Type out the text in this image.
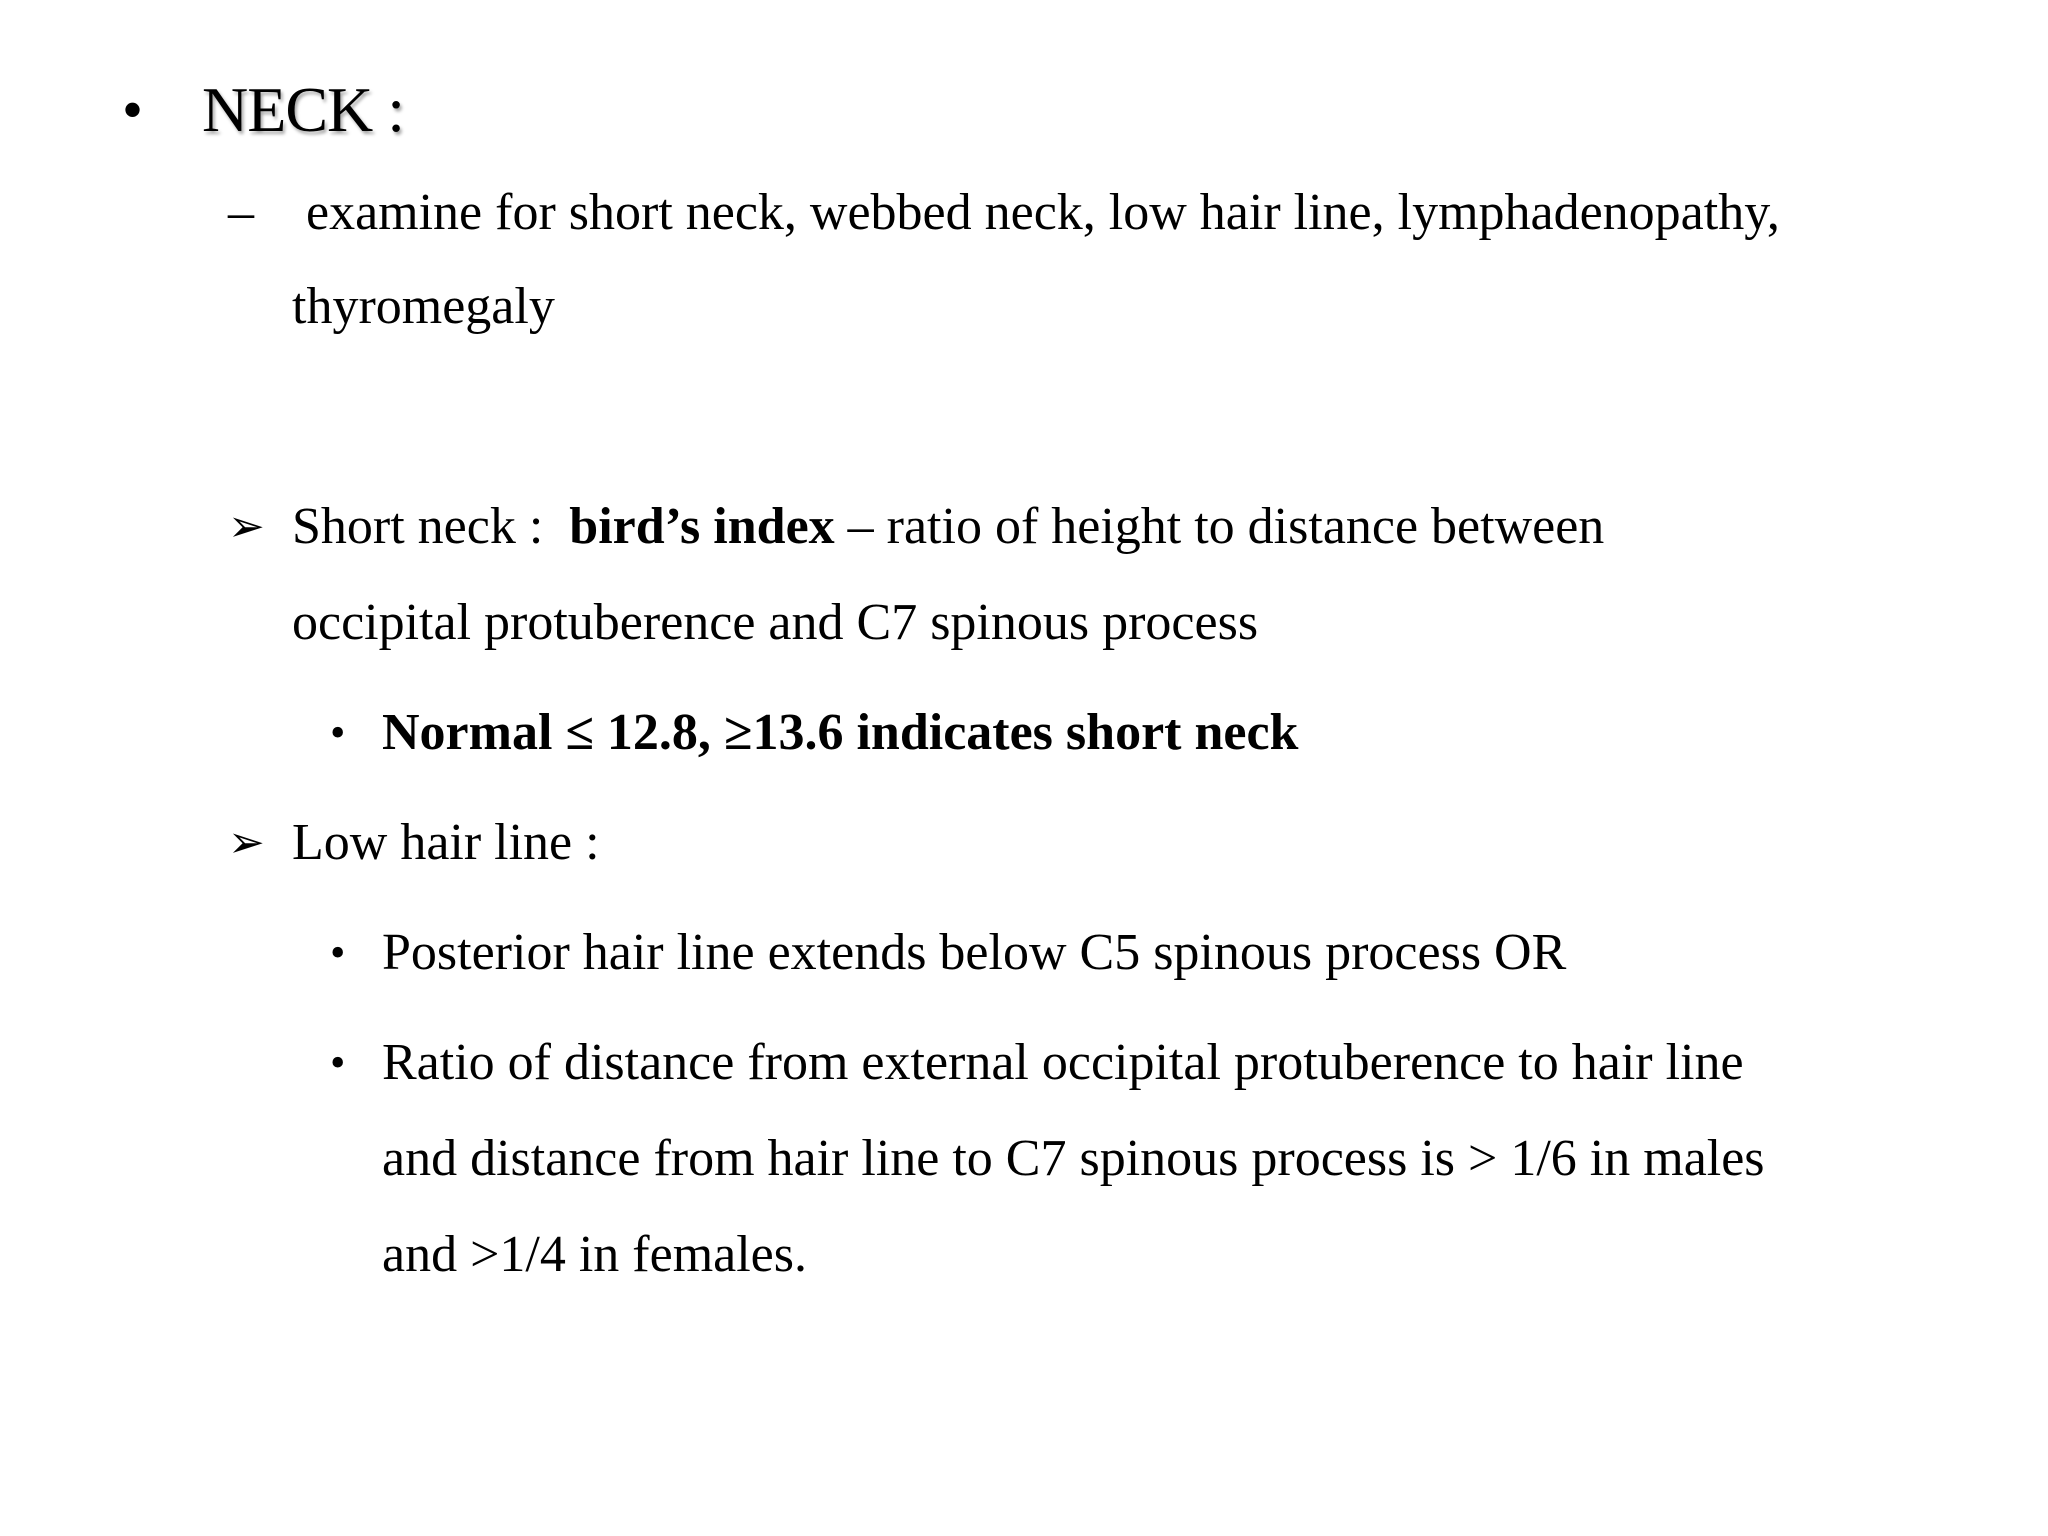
• NECK :
– examine for short neck, webbed neck, low hair line, lymphadenopathy,
thyromegaly
➢ Short neck : bird’s index – ratio of height to distance between
occipital protuberence and C7 spinous process
• Normal ≤ 12.8, ≥13.6 indicates short neck
➢ Low hair line :
• Posterior hair line extends below C5 spinous process OR
• Ratio of distance from external occipital protuberence to hair line
and distance from hair line to C7 spinous process is > 1/6 in males
and >1/4 in females.
